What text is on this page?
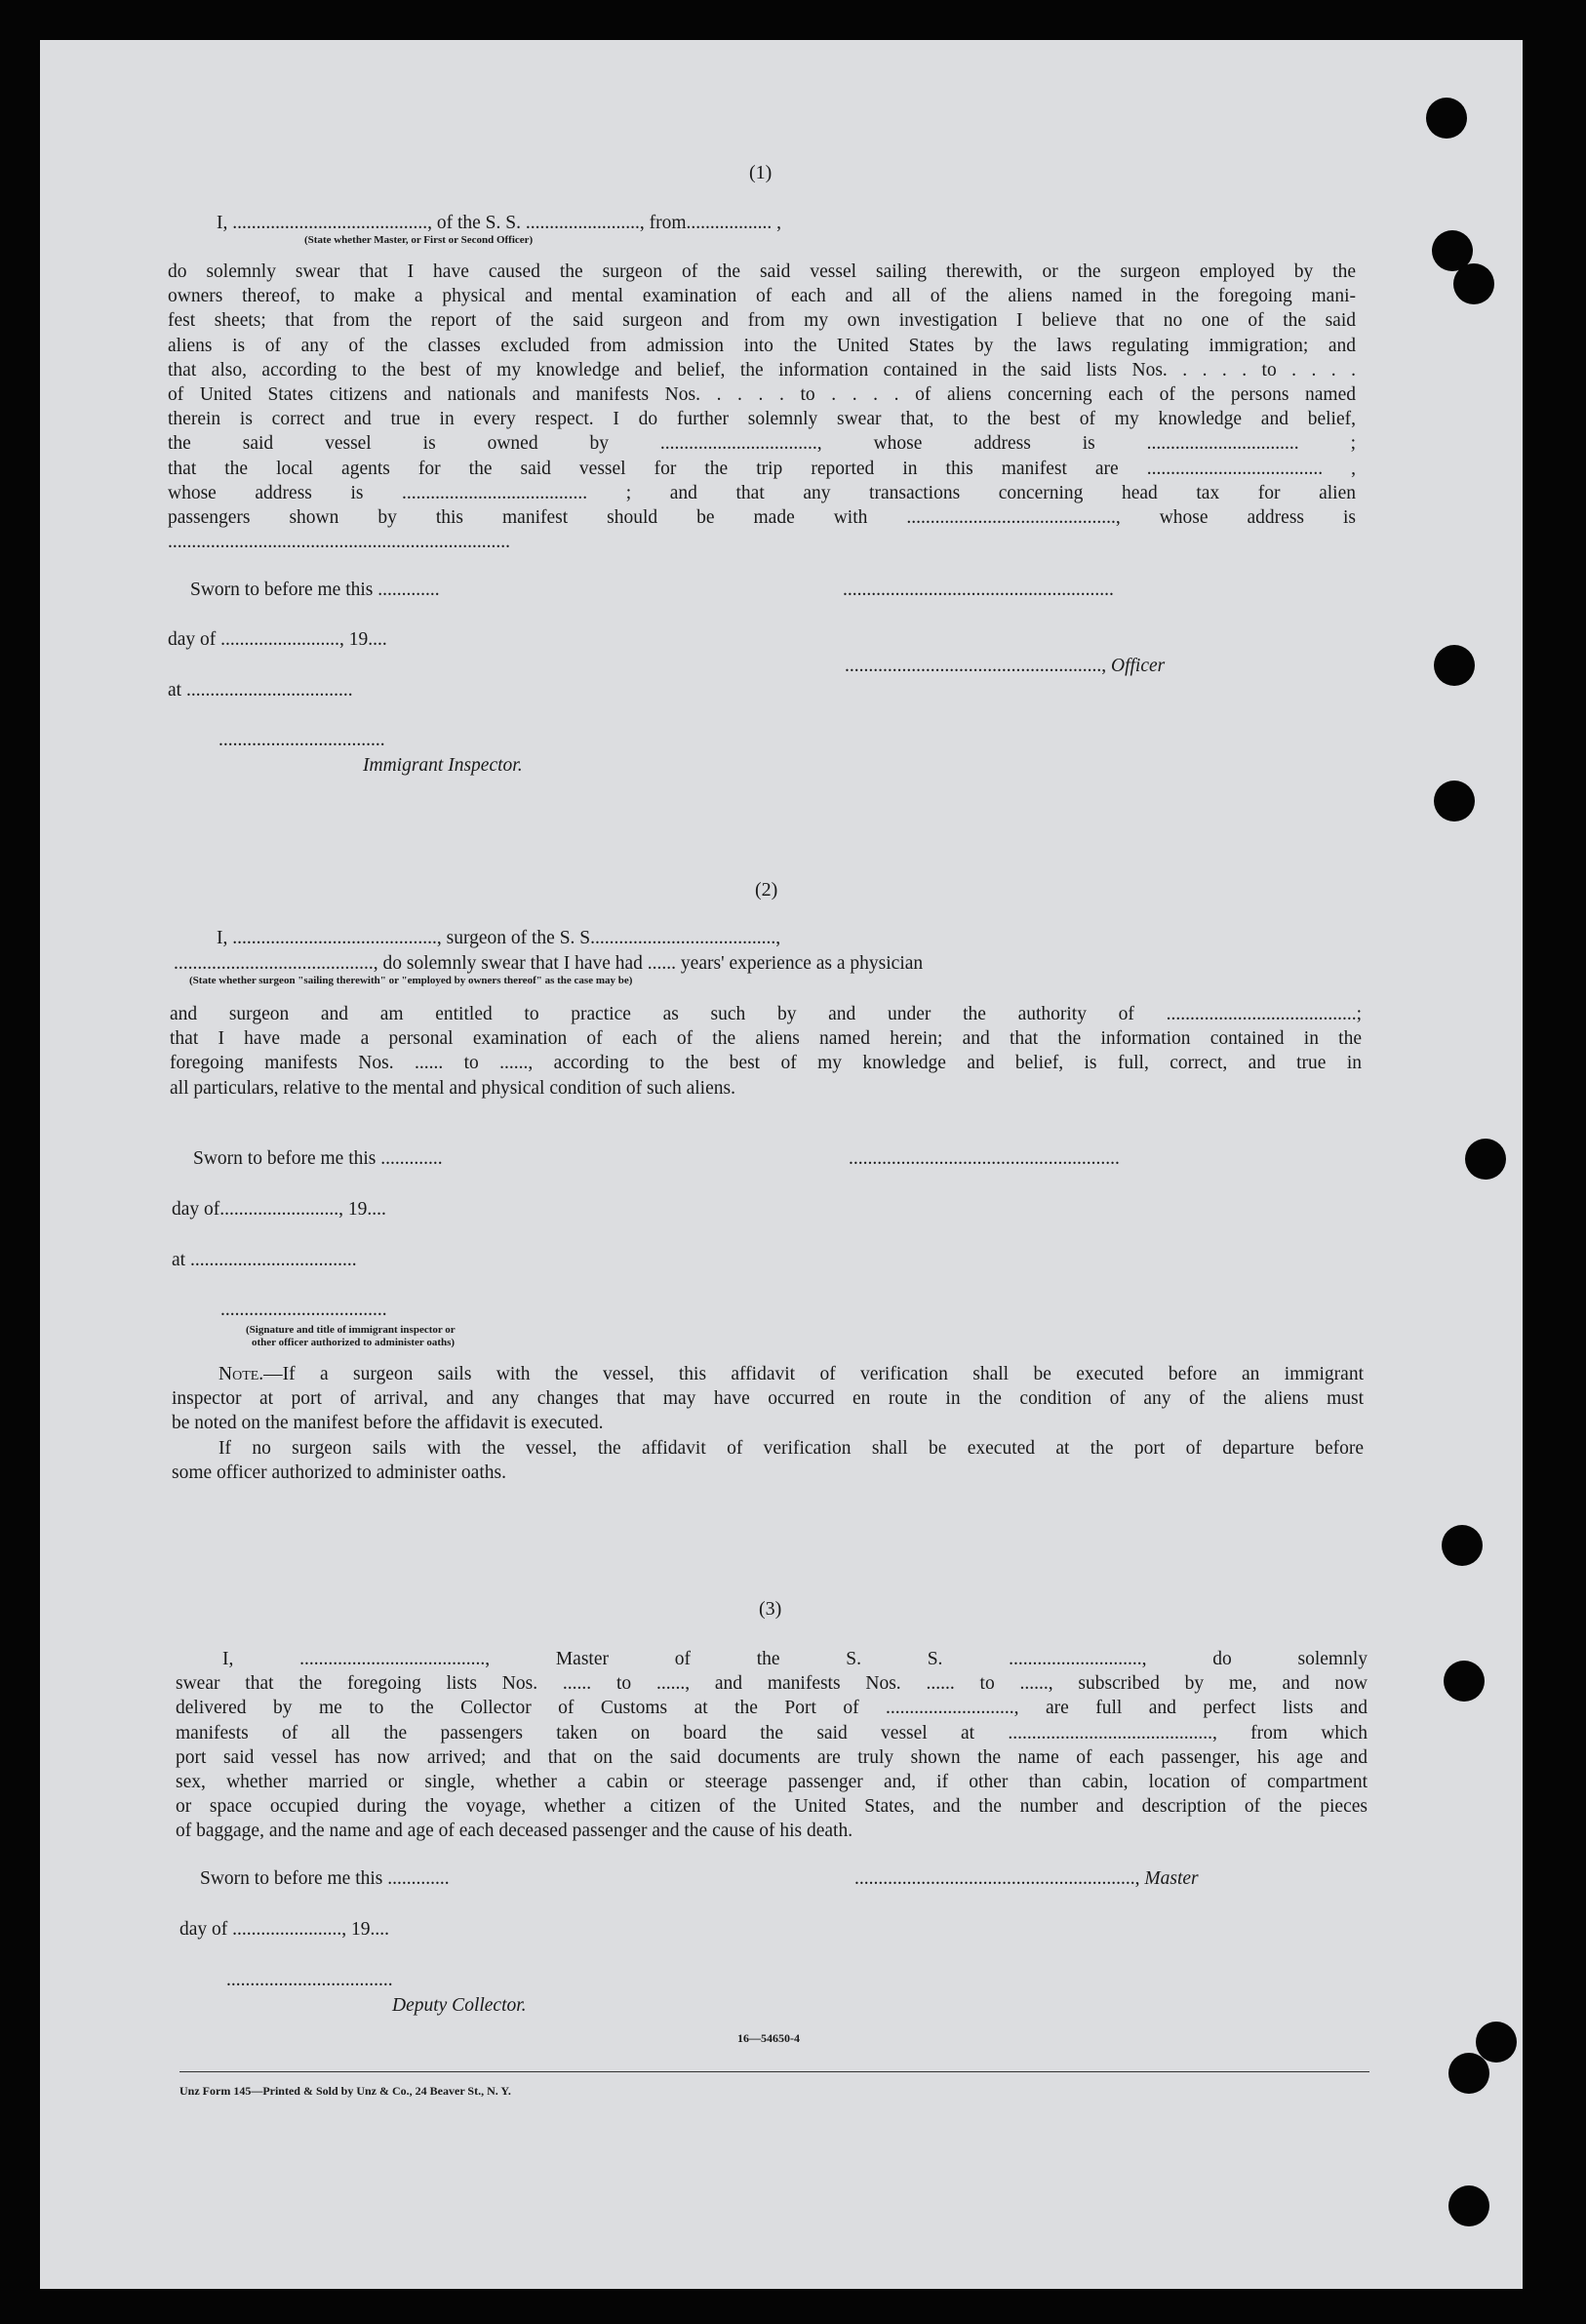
(1)
I, ........................................., of the S. S. ........................, from.................. ,
(State whether Master, or First or Second Officer)
do solemnly swear that I have caused the surgeon of the said vessel sailing therewith, or the surgeon employed by the
owners thereof, to make a physical and mental examination of each and all of the aliens named in the foregoing mani-
fest sheets; that from the report of the said surgeon and from my own investigation I believe that no one of the said
aliens is of any of the classes excluded from admission into the United States by the laws regulating immigration; and
that also, according to the best of my knowledge and belief, the information contained in the said lists Nos. . . . . to . . . .
of United States citizens and nationals and manifests Nos. . . . . to . . . . of aliens concerning each of the persons named
therein is correct and true in every respect. I do further solemnly swear that, to the best of my knowledge and belief,
the said vessel is owned by ................................., whose address is ................................ ;
that the local agents for the said vessel for the trip reported in this manifest are ..................................... ,
whose address is ....................................... ; and that any transactions concerning head tax for alien
passengers shown by this manifest should be made with ............................................, whose address is
........................................................................
Sworn to before me this .............	.........................................................
day of ........................., 19....
......................................................, Officer
at ...................................
...................................
Immigrant Inspector.
(2)
I, ..........................................., surgeon of the S. S.......................................,
.........................................., do solemnly swear that I have had ...... years' experience as a physician
(State whether surgeon "sailing therewith" or "employed by owners thereof" as the case may be)
and surgeon and am entitled to practice as such by and under the authority of ........................................;
that I have made a personal examination of each of the aliens named herein; and that the information contained in the
foregoing manifests Nos. ...... to ......, according to the best of my knowledge and belief, is full, correct, and true in
all particulars, relative to the mental and physical condition of such aliens.
Sworn to before me this .............	.........................................................
day of........................., 19....
at ...................................
...................................
(Signature and title of immigrant inspector or
other officer authorized to administer oaths)
Note.—If a surgeon sails with the vessel, this affidavit of verification shall be executed before an immigrant
inspector at port of arrival, and any changes that may have occurred en route in the condition of any of the aliens must
be noted on the manifest before the affidavit is executed.
If no surgeon sails with the vessel, the affidavit of verification shall be executed at the port of departure before
some officer authorized to administer oaths.
(3)
I, ......................................., Master of the S. S. ............................, do solemnly
swear that the foregoing lists Nos. ...... to ......, and manifests Nos. ...... to ......, subscribed by me, and now
delivered by me to the Collector of Customs at the Port of ..........................., are full and perfect lists and
manifests of all the passengers taken on board the said vessel at ..........................................., from which
port said vessel has now arrived; and that on the said documents are truly shown the name of each passenger, his age and
sex, whether married or single, whether a cabin or steerage passenger and, if other than cabin, location of compartment
or space occupied during the voyage, whether a citizen of the United States, and the number and description of the pieces
of baggage, and the name and age of each deceased passenger and the cause of his death.
Sworn to before me this .............	..........................................................., Master
day of ......................., 19....
...................................
Deputy Collector.
16—54650-4
Unz Form 145—Printed & Sold by Unz & Co., 24 Beaver St., N. Y.
